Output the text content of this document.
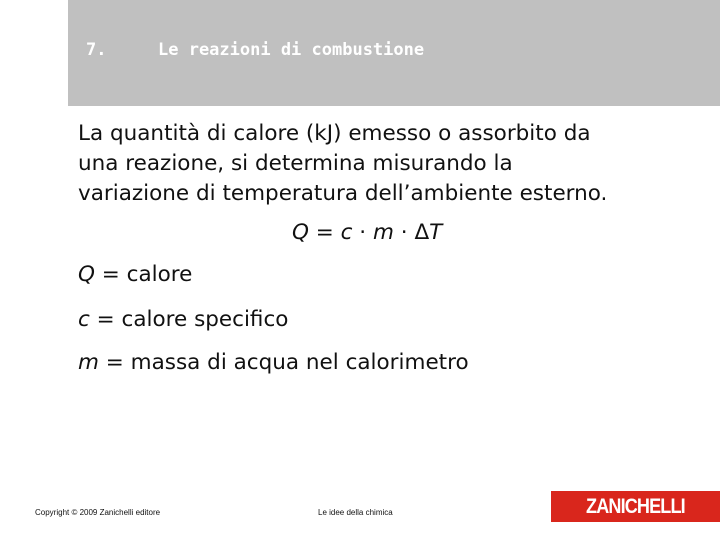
7.	Le reazioni di combustione
La quantità di calore (kJ) emesso o assorbito da
una reazione, si determina misurando la
variazione di temperatura dell’ambiente esterno.
Q = c · m · ΔT
Q = calore
c = calore specifico
m = massa di acqua nel calorimetro
Copyright © 2009 Zanichelli editore	Le idee della chimica	ZANICHELLI
